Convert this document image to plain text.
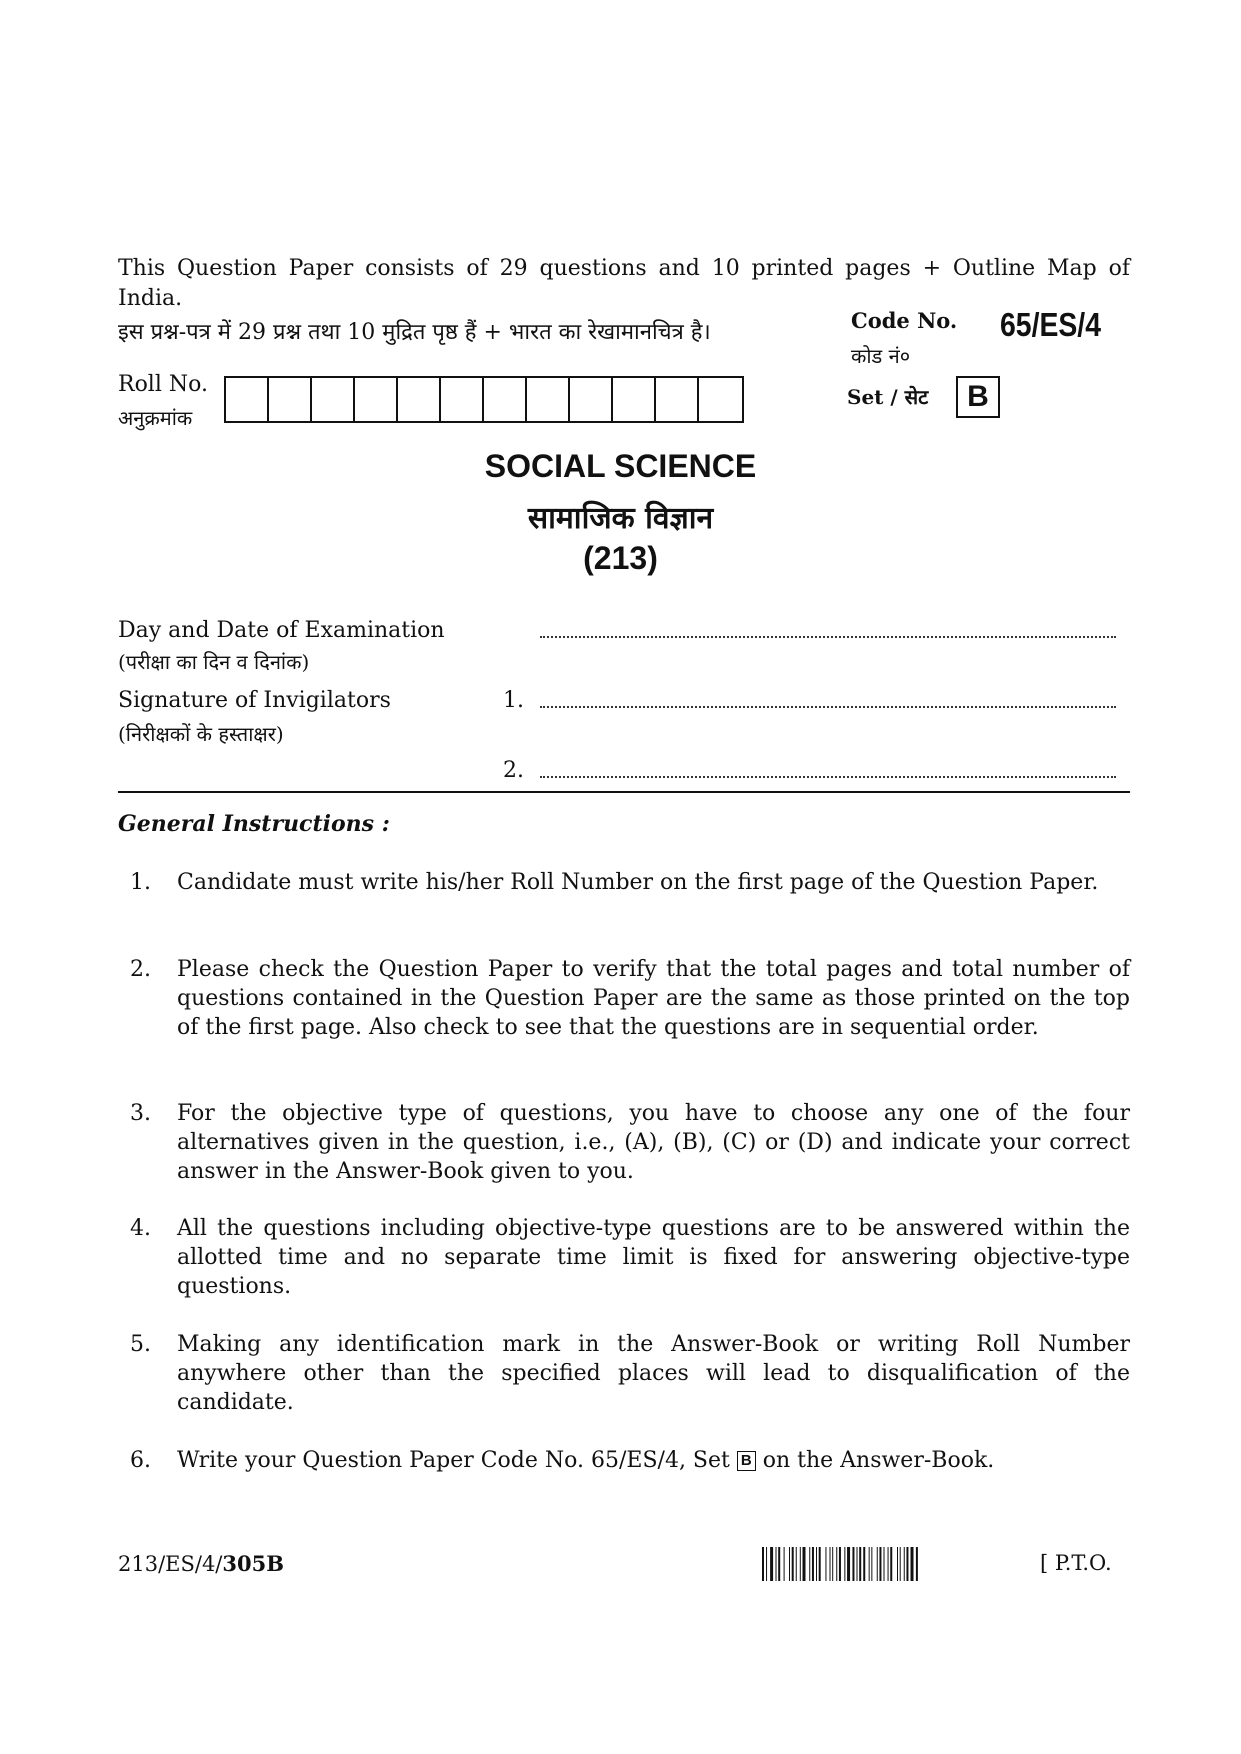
This Question Paper consists of 29 questions and 10 printed pages + Outline Map of India.
इस प्रश्न-पत्र में 29 प्रश्न तथा 10 मुद्रित पृष्ठ हैं + भारत का रेखामानचित्र है।	Code No.
कोड नं०
65/ES/4
Roll No.
अनुक्रमांक
Set / सेट	B
SOCIAL SCIENCE
सामाजिक विज्ञान
(213)
Day and Date of Examination
(परीक्षा का दिन व दिनांक)
Signature of Invigilators
(निरीक्षकों के हस्ताक्षर)
1.
2.
General Instructions :
1. Candidate must write his/her Roll Number on the first page of the Question Paper.
2. Please check the Question Paper to verify that the total pages and total number of questions contained in the Question Paper are the same as those printed on the top of the first page. Also check to see that the questions are in sequential order.
3. For the objective type of questions, you have to choose any one of the four alternatives given in the question, i.e., (A), (B), (C) or (D) and indicate your correct answer in the Answer-Book given to you.
4. All the questions including objective-type questions are to be answered within the allotted time and no separate time limit is fixed for answering objective-type questions.
5. Making any identification mark in the Answer-Book or writing Roll Number anywhere other than the specified places will lead to disqualification of the candidate.
6. Write your Question Paper Code No. 65/ES/4, Set B on the Answer-Book.
213/ES/4/305B	[ P.T.O.
